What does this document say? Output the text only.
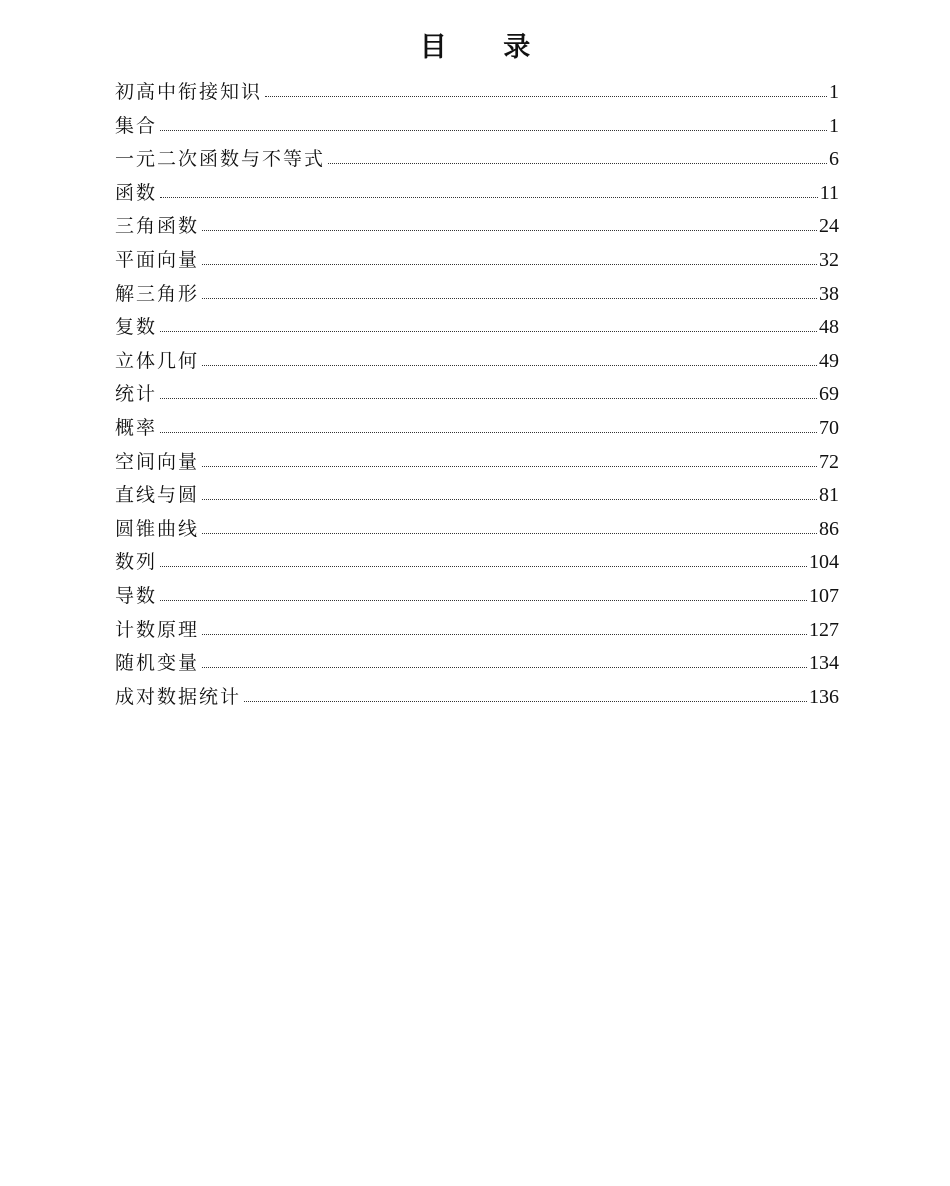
目      录
初高中衔接知识	1
集合	1
一元二次函数与不等式	6
函数	11
三角函数	24
平面向量	32
解三角形	38
复数	48
立体几何	49
统计	69
概率	70
空间向量	72
直线与圆	81
圆锥曲线	86
数列	104
导数	107
计数原理	127
随机变量	134
成对数据统计	136
